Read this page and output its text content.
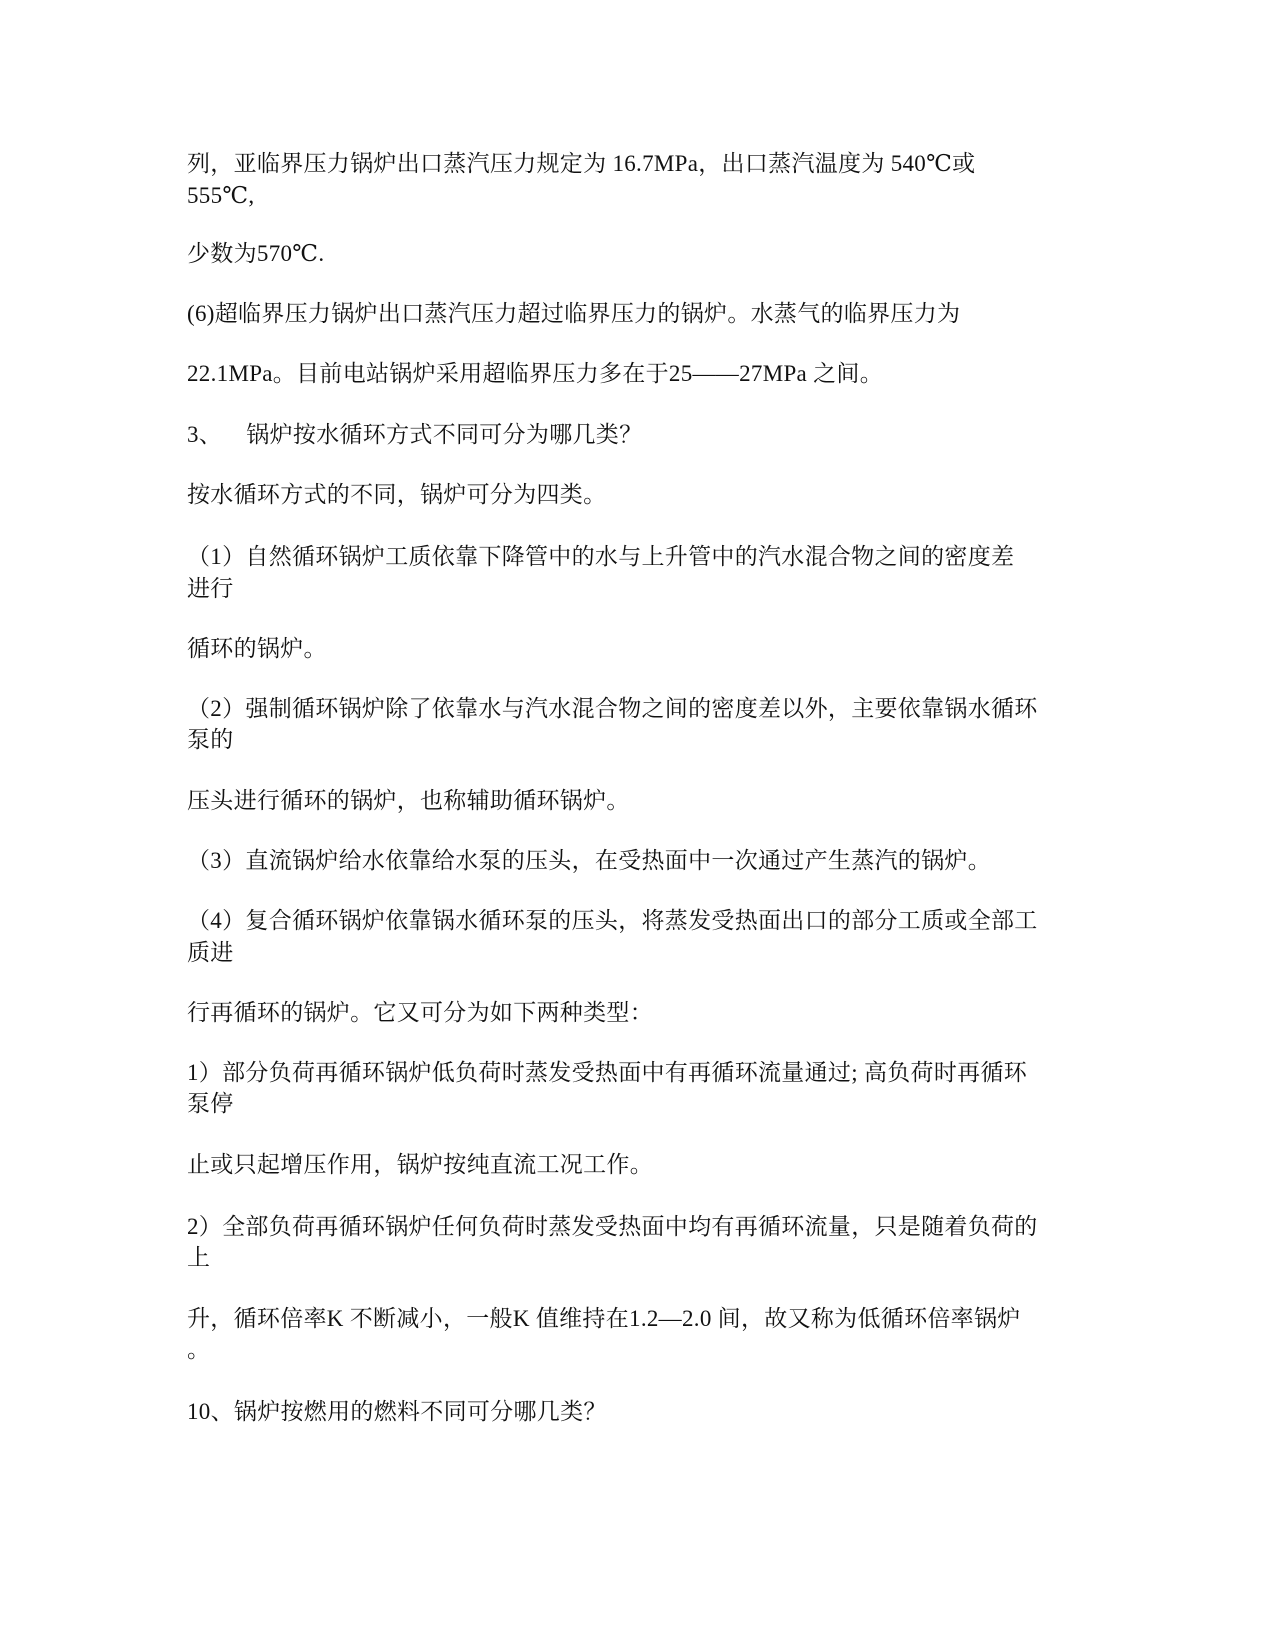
列，亚临界压力锅炉出口蒸汽压力规定为 16.7MPa，出口蒸汽温度为 540℃或
555℃,
少数为570℃.
(6)超临界压力锅炉出口蒸汽压力超过临界压力的锅炉。水蒸气的临界压力为
22.1MPa。目前电站锅炉采用超临界压力多在于25——27MPa 之间。
3、    锅炉按水循环方式不同可分为哪几类？
按水循环方式的不同，锅炉可分为四类。
（1）自然循环锅炉工质依靠下降管中的水与上升管中的汽水混合物之间的密度差
进行
循环的锅炉。
（2）强制循环锅炉除了依靠水与汽水混合物之间的密度差以外，主要依靠锅水循环
泵的
压头进行循环的锅炉，也称辅助循环锅炉。
（3）直流锅炉给水依靠给水泵的压头，在受热面中一次通过产生蒸汽的锅炉。
（4）复合循环锅炉依靠锅水循环泵的压头，将蒸发受热面出口的部分工质或全部工
质进
行再循环的锅炉。它又可分为如下两种类型：
1）部分负荷再循环锅炉低负荷时蒸发受热面中有再循环流量通过; 高负荷时再循环
泵停
止或只起增压作用，锅炉按纯直流工况工作。
2）全部负荷再循环锅炉任何负荷时蒸发受热面中均有再循环流量，只是随着负荷的
上
升，循环倍率K 不断减小，一般K 值维持在1.2—2.0 间，故又称为低循环倍率锅炉
。
10、锅炉按燃用的燃料不同可分哪几类？
